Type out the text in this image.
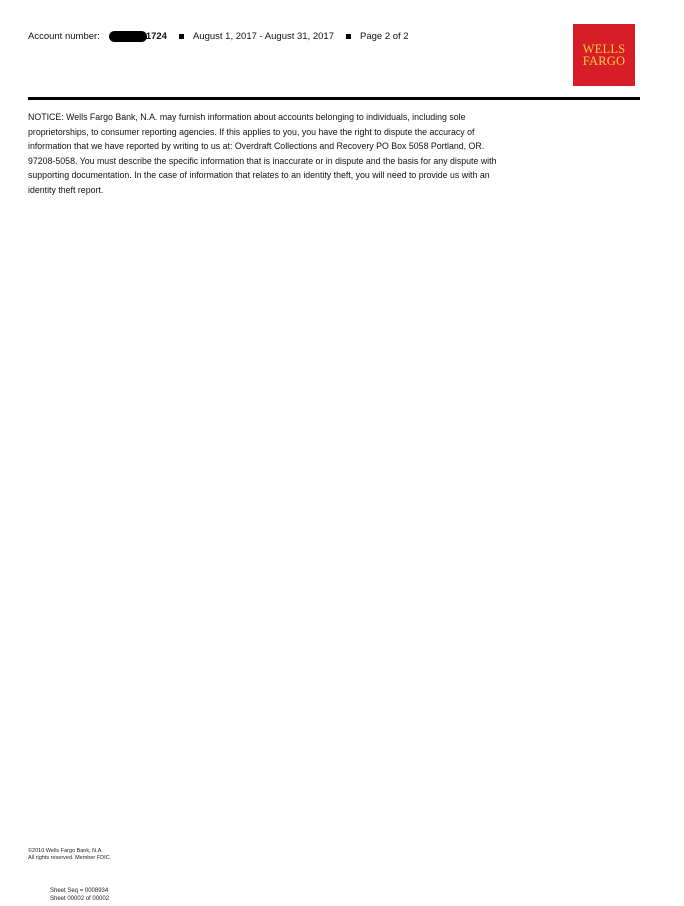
Account number:	1724	August 1, 2017 - August 31, 2017	Page 2 of 2
WELLS
FARGO
NOTICE: Wells Fargo Bank, N.A. may furnish information about accounts belonging to individuals, including sole
proprietorships, to consumer reporting agencies. If this applies to you, you have the right to dispute the accuracy of
information that we have reported by writing to us at: Overdraft Collections and Recovery PO Box 5058 Portland, OR.
97208-5058. You must describe the specific information that is inaccurate or in dispute and the basis for any dispute with
supporting documentation. In the case of information that relates to an identity theft, you will need to provide us with an
identity theft report.
©2010 Wells Fargo Bank, N.A.
All rights reserved. Member FDIC.
Sheet Seq = 0008934
Sheet 00002 of 00002
